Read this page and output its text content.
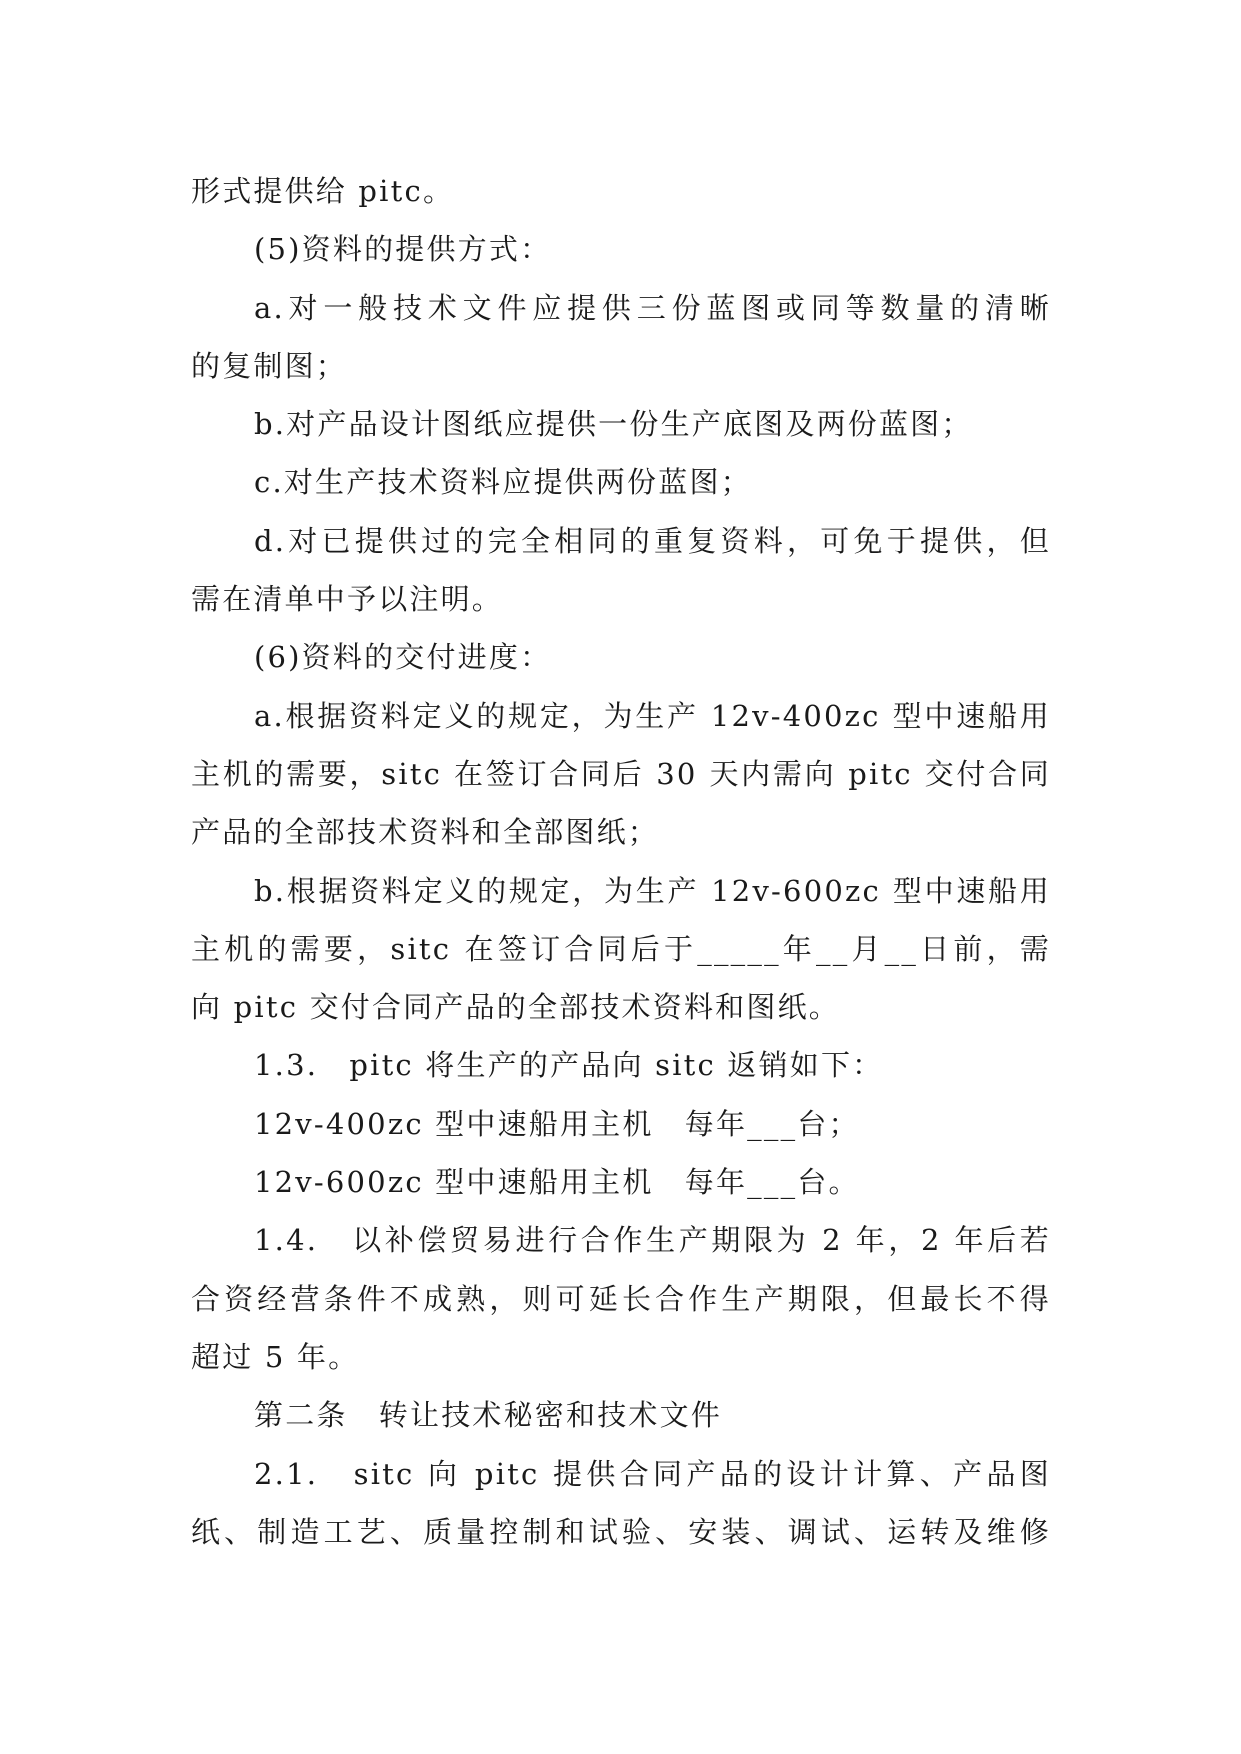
形式提供给 pitc。
(5)资料的提供方式：
a.对一般技术文件应提供三份蓝图或同等数量的清晰
的复制图；
b.对产品设计图纸应提供一份生产底图及两份蓝图；
c.对生产技术资料应提供两份蓝图；
d.对已提供过的完全相同的重复资料，可免于提供，但
需在清单中予以注明。
(6)资料的交付进度：
a.根据资料定义的规定，为生产 12v-400zc 型中速船用
主机的需要，sitc 在签订合同后 30 天内需向 pitc 交付合同
产品的全部技术资料和全部图纸；
b.根据资料定义的规定，为生产 12v-600zc 型中速船用
主机的需要，sitc 在签订合同后于_____年__月__日前，需
向 pitc 交付合同产品的全部技术资料和图纸。
1.3.　pitc 将生产的产品向 sitc 返销如下：
12v-400zc 型中速船用主机　每年___台；
12v-600zc 型中速船用主机　每年___台。
1.4.　以补偿贸易进行合作生产期限为 2 年，2 年后若
合资经营条件不成熟，则可延长合作生产期限，但最长不得
超过 5 年。
第二条　转让技术秘密和技术文件
2.1.　sitc 向 pitc 提供合同产品的设计计算、产品图
纸、制造工艺、质量控制和试验、安装、调试、运转及维修
